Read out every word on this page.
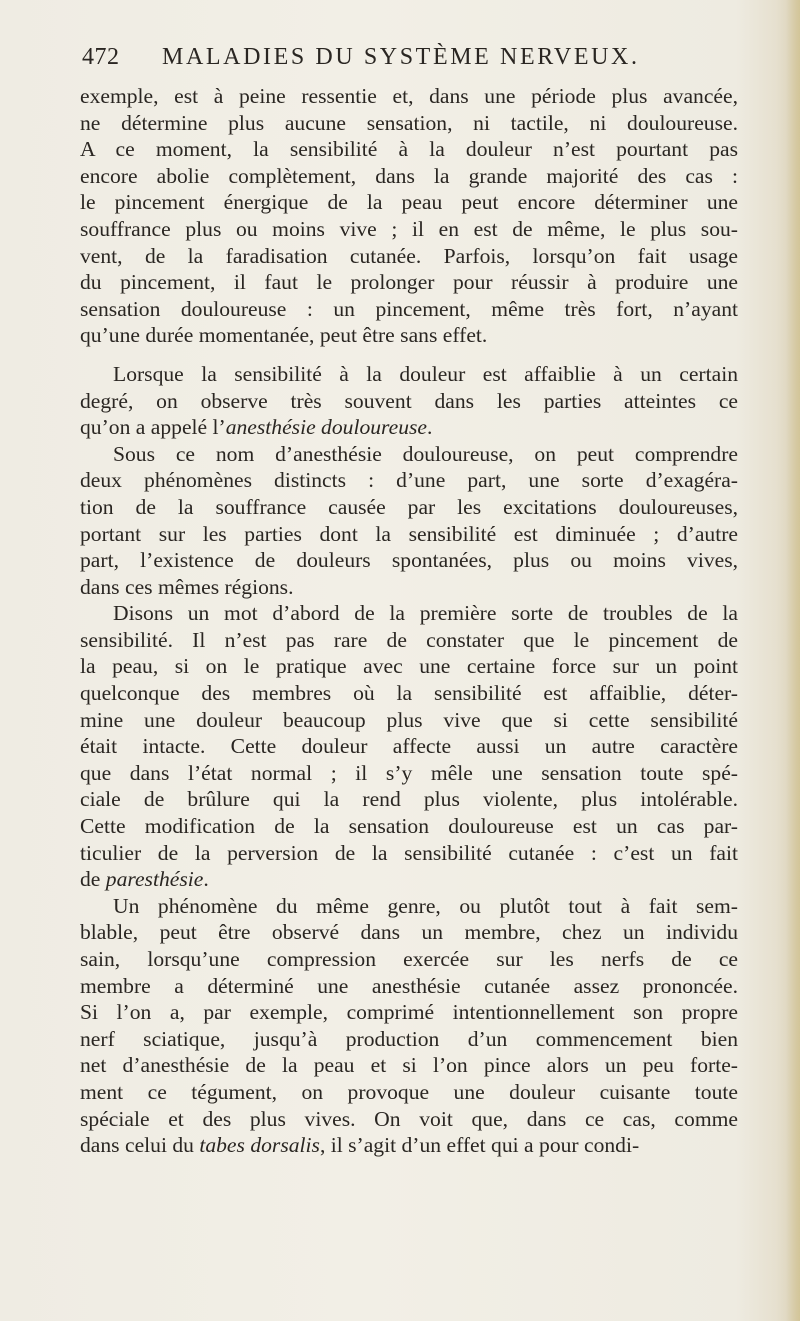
472 MALADIES DU SYSTÈME NERVEUX.
exemple, est à peine ressentie et, dans une période plus avancée,
ne détermine plus aucune sensation, ni tactile, ni douloureuse.
A ce moment, la sensibilité à la douleur n’est pourtant pas
encore abolie complètement, dans la grande majorité des cas :
le pincement énergique de la peau peut encore déterminer une
souffrance plus ou moins vive ; il en est de même, le plus sou-
vent, de la faradisation cutanée. Parfois, lorsqu’on fait usage
du pincement, il faut le prolonger pour réussir à produire une
sensation douloureuse : un pincement, même très fort, n’ayant
qu’une durée momentanée, peut être sans effet.
Lorsque la sensibilité à la douleur est affaiblie à un certain
degré, on observe très souvent dans les parties atteintes ce
qu’on a appelé l’anesthésie douloureuse.
Sous ce nom d’anesthésie douloureuse, on peut comprendre
deux phénomènes distincts : d’une part, une sorte d’exagéra-
tion de la souffrance causée par les excitations douloureuses,
portant sur les parties dont la sensibilité est diminuée ; d’autre
part, l’existence de douleurs spontanées, plus ou moins vives,
dans ces mêmes régions.
Disons un mot d’abord de la première sorte de troubles de la
sensibilité. Il n’est pas rare de constater que le pincement de
la peau, si on le pratique avec une certaine force sur un point
quelconque des membres où la sensibilité est affaiblie, déter-
mine une douleur beaucoup plus vive que si cette sensibilité
était intacte. Cette douleur affecte aussi un autre caractère
que dans l’état normal ; il s’y mêle une sensation toute spé-
ciale de brûlure qui la rend plus violente, plus intolérable.
Cette modification de la sensation douloureuse est un cas par-
ticulier de la perversion de la sensibilité cutanée : c’est un fait
de paresthésie.
Un phénomène du même genre, ou plutôt tout à fait sem-
blable, peut être observé dans un membre, chez un individu
sain, lorsqu’une compression exercée sur les nerfs de ce
membre a déterminé une anesthésie cutanée assez prononcée.
Si l’on a, par exemple, comprimé intentionnellement son propre
nerf sciatique, jusqu’à production d’un commencement bien
net d’anesthésie de la peau et si l’on pince alors un peu forte-
ment ce tégument, on provoque une douleur cuisante toute
spéciale et des plus vives. On voit que, dans ce cas, comme
dans celui du tabes dorsalis, il s’agit d’un effet qui a pour condi-
